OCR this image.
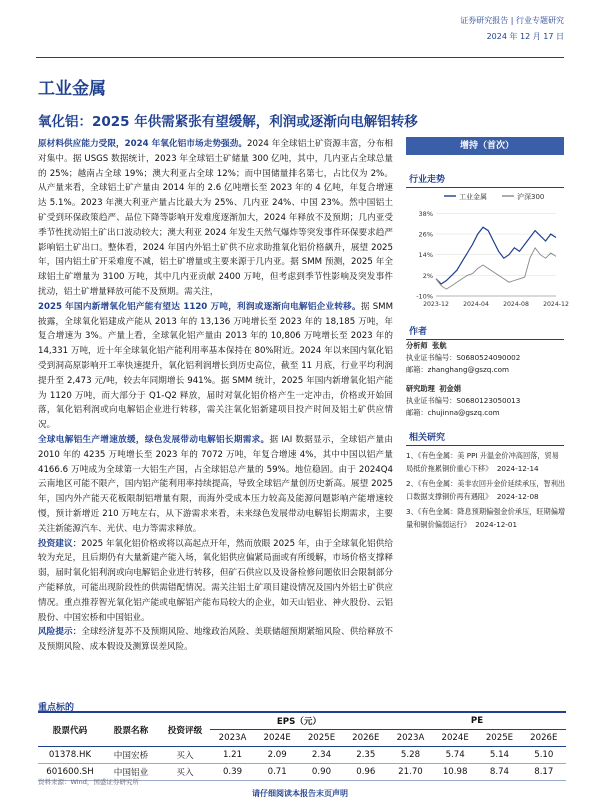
证券研究报告 | 行业专题研究
2024 年 12 月 17 日
工业金属
氧化铝：2025 年供需紧张有望缓解，利润或逐渐向电解铝转移

原材料供应能力受限，2024 年氧化铝市场走势强劲。2024 年全球铝土矿资源丰富，分布相对集中。据 USGS 数据统计，2023 年全球铝土矿储量 300 亿吨，其中，几内亚占全球总量的 25%；越南占全球 19%；澳大利亚占全球 12%；而中国储量排名第七，占比仅为 2%。从产量来看，全球铝土矿产量由 2014 年的 2.6 亿吨增长至 2023 年的 4 亿吨，年复合增速达 5.1%。2023 年澳大利亚产量占比最大为 25%、几内亚 24%、中国 23%。然中国铝土矿受到环保政策趋严、品位下降等影响开发难度逐渐加大，2024 年释放不及预期；几内亚受季节性扰动铝土矿出口波动较大；澳大利亚 2024 年发生天然气爆炸等突发事件环保要求趋严影响铝土矿出口。整体看，2024 年国内外铝土矿供不应求助推氧化铝价格飙升，展望 2025 年，国内铝土矿开采难度不减，铝土矿增量或主要来源于几内亚。据 SMM 预测，2025 年全球铝土矿增量为 3100 万吨，其中几内亚贡献 2400 万吨，但考虑到季节性影响及突发事件扰动，铝土矿增量释放可能不及预期。需关注，

2025 年国内新增氧化铝产能有望达 1120 万吨，利润或逐渐向电解铝企业转移。据 SMM 披露，全球氧化铝建成产能从 2013 年的 13,136 万吨增长至 2023 年的 18,185 万吨，年复合增速为 3%。产量上看，全球氧化铝产量由 2013 年的 10,806 万吨增长至 2023 年的 14,331 万吨，近十年全球氧化铝产能利用率基本保持在 80%附近。2024 年以来国内氧化铝受到洞高原影响开工率快速提升，氧化铝利润增长到历史高位，截至 11 月底，行业平均利润提升至 2,473 元/吨，较去年同期增长 941%。据 SMM 统计，2025 年国内新增氧化铝产能为 1120 万吨，而大部分于 Q1-Q2 释放，届时对氧化铝价格产生一定冲击，价格或开始回落，氧化铝利润或向电解铝企业进行转移，需关注氧化铝新建项目投产时间及铝土矿供应情况。

全球电解铝生产增速放缓，绿色发展带动电解铝长期需求。据 IAI 数据显示，全球铝产量由 2010 年的 4235 万吨增长至 2023 年的 7072 万吨，年复合增速 4%，其中中国以铝产量 4166.6 万吨成为全球第一大铝生产国，占全球铝总产量的 59%。地位稳固。由于 2024Q4 云南地区可能不限产，国内铝产能利用率持续提高，导致全球铝产量创历史新高。展望 2025 年，国内外产能天花板限制铝增量有限，而海外受成本压力较高及能源问题影响产能增速较慢，预计新增近 210 万吨左右，从下游需求来看，未来绿色发展带动电解铝长期需求，主要关注新能源汽车、光伏、电力等需求释放。

投资建议：2025 年氧化铝价格或将以高起点开年，然而放眼 2025 年，由于全球氧化铝供给较为充足，且后期仍有大量新建产能入场，氧化铝供应偏紧局面或有所缓解，市场价格支撑释弱，届时氧化铝利润或向电解铝企业进行转移，但矿石供应以及设备检修问题依旧会限制部分产能释放，可能出现阶段性的供需错配情况。需关注铝土矿项目建设情况及国内外铝土矿供应情况。重点推荐智光氧化铝产能或电解铝产能布局较大的企业，如天山铝业、神火股份、云铝股份、中国宏桥和中国铝业。

风险提示：全球经济复苏不及预期风险、地缘政治风险、美联储超预期紧缩风险、供给释放不及预期风险、成本假设及测算误差风险。

增持（首次）
行业走势
工业金属	沪深300
38%
26%
14%
2%
-10%
2023-12 2024-04 2024-08 2024-12
作者
分析师 张航
执业证书编号：S0680524090002
邮箱：zhanghang@gszq.com
研究助理 初金娟
执业证书编号：S0680123050013
邮箱：chujinna@gszq.com
相关研究

1、《有色金属：美 PPI 升温金价冲高回落，贸易局抵价拖累铜价重心下移》 2024-12-14

2、《有色金属：美非农回升金价延续承压，智利出口数据支撑铜价再有遇阻》 2024-12-08

3、《有色金属：降息预期偏强金价承压，旺期偏增量和铜价偏弱运行》 2024-12-01

重点标的
股票代码	股票名称	投资评级	EPS（元）				PE			
			2023A	2024E	2025E	2026E	2023A	2024E	2025E	2026E
01378.HK	中国宏桥	买入	1.21	2.09	2.34	2.35	5.28	5.74	5.14	5.10
601600.SH	中国铝业	买入	0.39	0.71	0.90	0.96	21.70	10.98	8.74	8.17
资料来源：Wind，国盛证券研究所
请仔细阅读本报告末页声明
